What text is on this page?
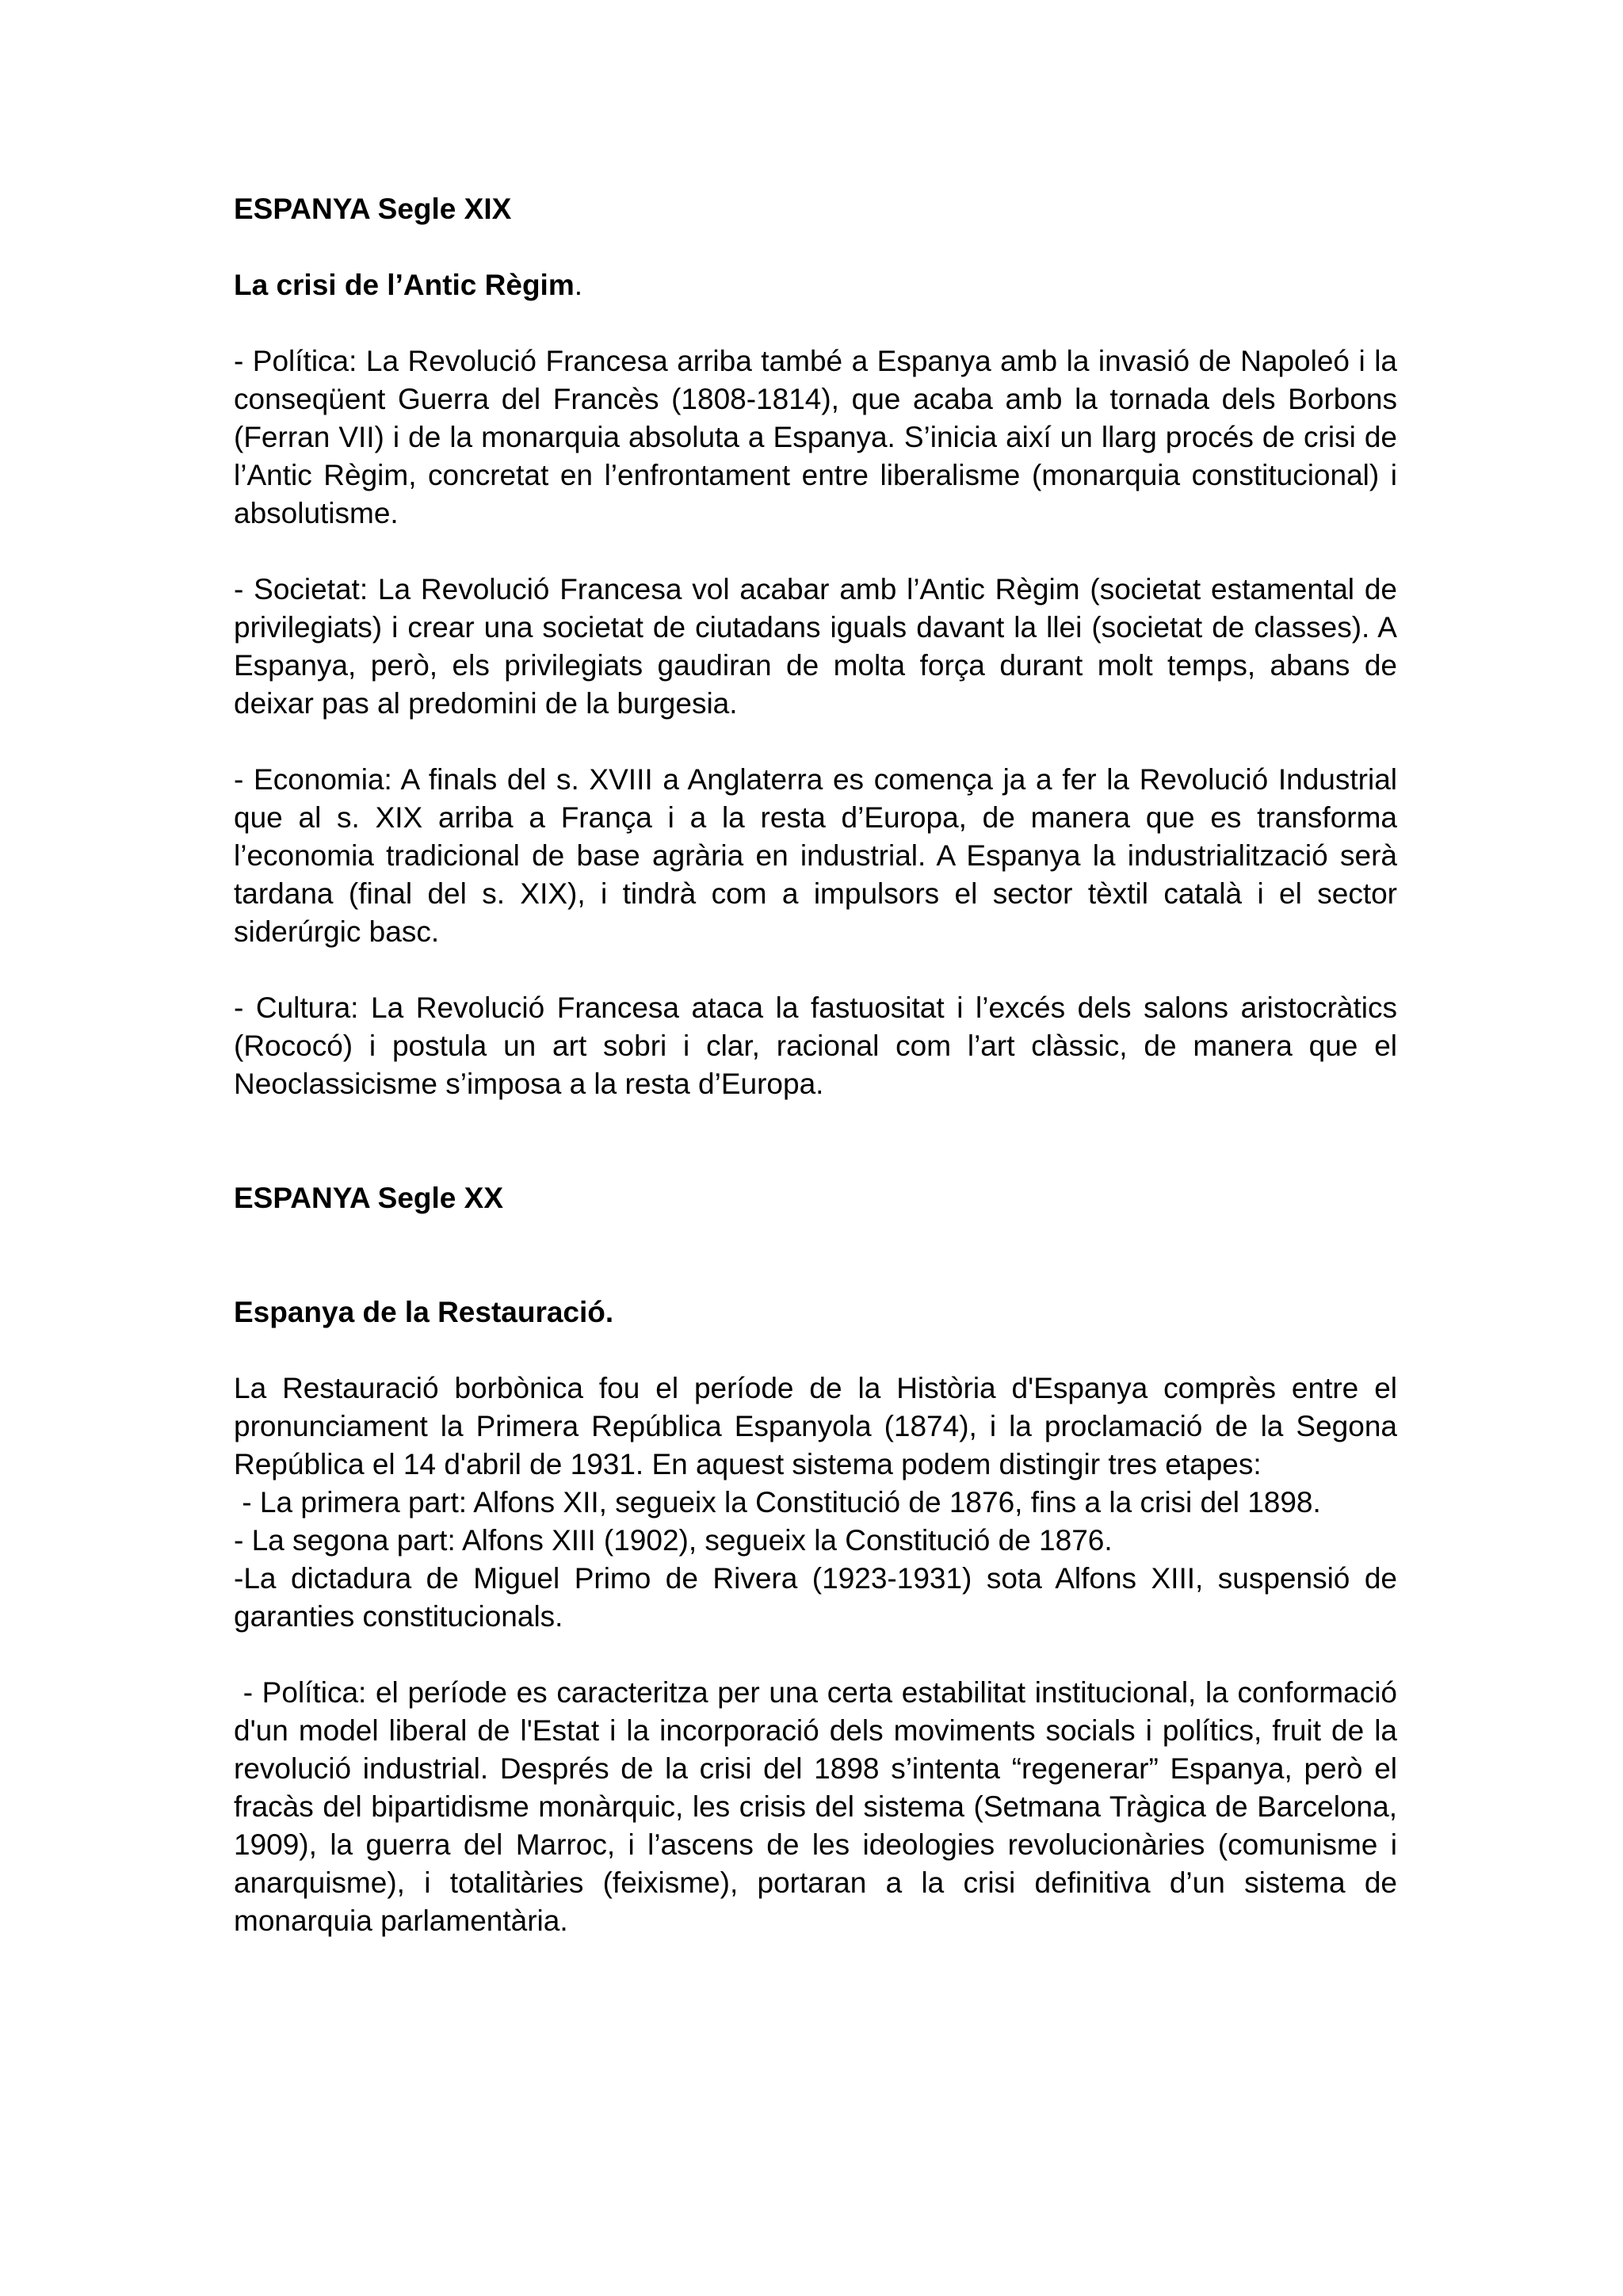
ESPANYA Segle XIX
La crisi de l’Antic Règim.

- Política: La Revolució Francesa arriba també a Espanya amb la invasió de Napoleó i la conseqüent Guerra del Francès (1808-1814), que acaba amb la tornada dels Borbons (Ferran VII) i de la monarquia absoluta a Espanya. S’inicia així un llarg procés de crisi de l’Antic Règim, concretat en l’enfrontament entre liberalisme (monarquia constitucional) i absolutisme.

- Societat: La Revolució Francesa vol acabar amb l’Antic Règim (societat estamental de privilegiats) i crear una societat de ciutadans iguals davant la llei (societat de classes). A Espanya, però, els privilegiats gaudiran de molta força durant molt temps, abans de deixar pas al predomini de la burgesia.

- Economia: A finals del s. XVIII a Anglaterra es comença ja a fer la Revolució Industrial que al s. XIX arriba a França i a la resta d’Europa, de manera que es transforma l’economia tradicional de base agrària en industrial. A Espanya la industrialització serà tardana (final del s. XIX), i tindrà com a impulsors el sector tèxtil català i el sector siderúrgic basc.

- Cultura: La Revolució Francesa ataca la fastuositat i l’excés dels salons aristocràtics (Rococó) i postula un art sobri i clar, racional com l’art clàssic, de manera que el Neoclassicisme s’imposa a la resta d’Europa.

ESPANYA Segle XX
Espanya de la Restauració.

La Restauració borbònica fou el període de la Història d'Espanya comprès entre el pronunciament la Primera República Espanyola (1874), i la proclamació de la Segona República el 14 d'abril de 1931. En aquest sistema podem distingir tres etapes:

- La primera part: Alfons XII, segueix la Constitució de 1876, fins a la crisi del 1898.

- La segona part: Alfons XIII (1902), segueix la Constitució de 1876.

-La dictadura de Miguel Primo de Rivera (1923-1931) sota Alfons XIII, suspensió de garanties constitucionals.

- Política: el període es caracteritza per una certa estabilitat institucional, la conformació d'un model liberal de l'Estat i la incorporació dels moviments socials i polítics, fruit de la revolució industrial. Després de la crisi del 1898 s’intenta “regenerar” Espanya, però el fracàs del bipartidisme monàrquic, les crisis del sistema (Setmana Tràgica de Barcelona, 1909), la guerra del Marroc, i l’ascens de les ideologies revolucionàries (comunisme i anarquisme), i totalitàries (feixisme), portaran a la crisi definitiva d’un sistema de monarquia parlamentària.
